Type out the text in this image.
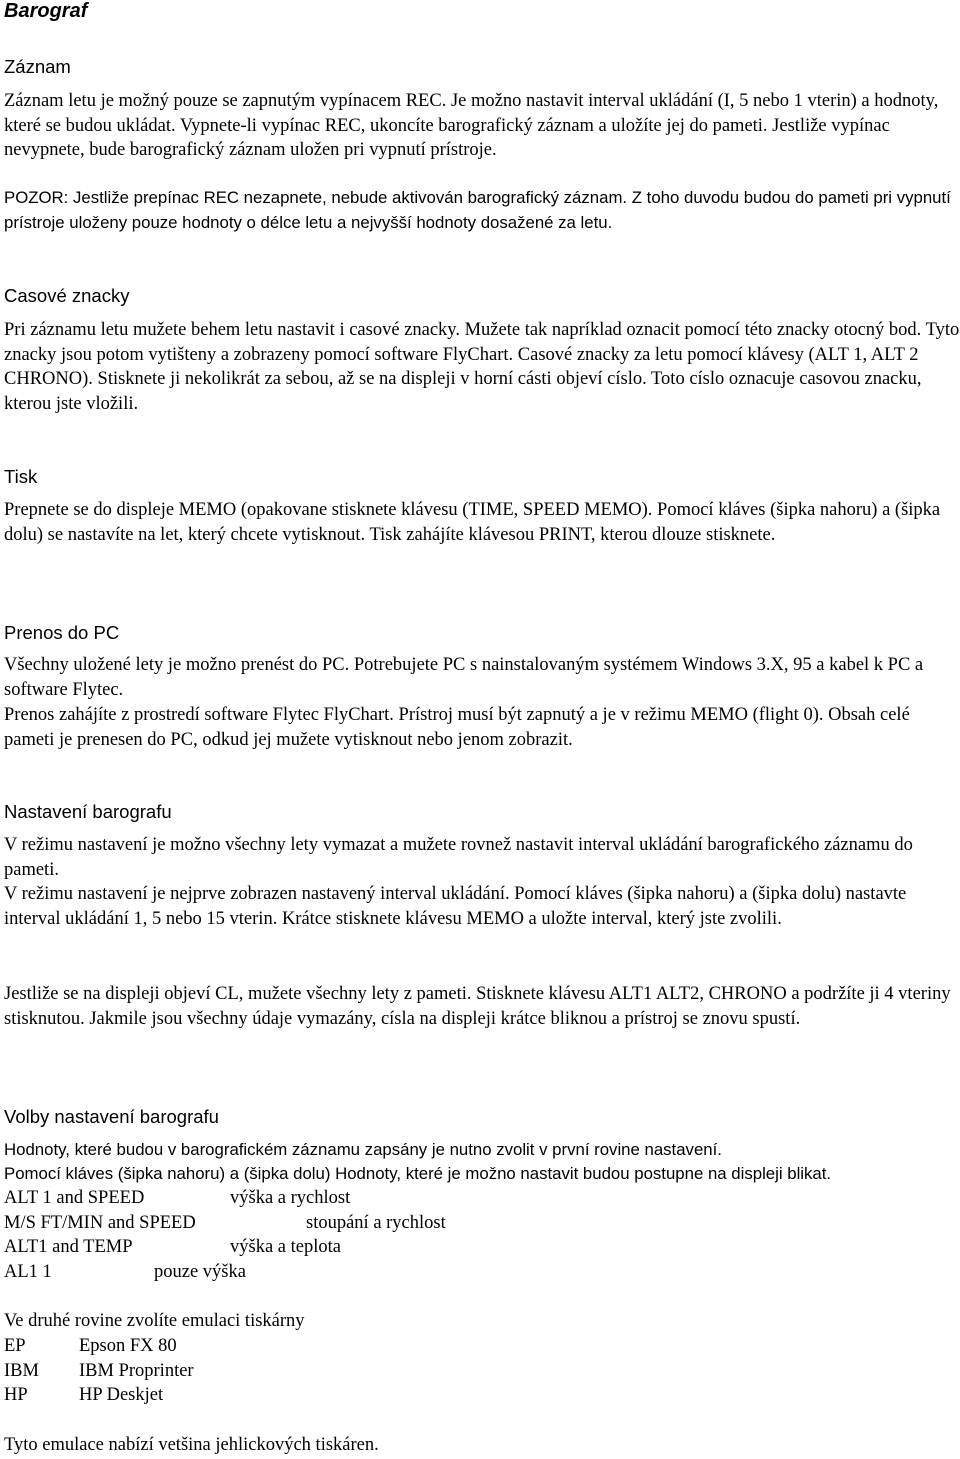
Barograf
Záznam

Záznam letu je možný pouze se zapnutým vypínacem REC. Je možno nastavit interval ukládání (I, 5 nebo 1 vterin) a hodnoty, které se budou ukládat. Vypnete-li vypínac REC, ukoncíte barografický záznam a uložíte jej do pameti. Jestliže vypínac nevypnete, bude barografický záznam uložen pri vypnutí prístroje.

POZOR: Jestliže prepínac REC nezapnete, nebude aktivován barografický záznam. Z toho duvodu budou do pameti pri vypnutí prístroje uloženy pouze hodnoty o délce letu a nejvyšší hodnoty dosažené za letu.

Casové znacky

Pri záznamu letu mužete behem letu nastavit i casové znacky. Mužete tak napríklad oznacit pomocí této znacky otocný bod. Tyto znacky jsou potom vytišteny a zobrazeny pomocí software FlyChart. Casové znacky za letu pomocí klávesy (ALT 1, ALT 2 CHRONO). Stisknete ji nekolikrát za sebou, až se na displeji v horní cásti objeví císlo. Toto císlo oznacuje casovou znacku, kterou jste vložili.

Tisk

Prepnete se do displeje MEMO (opakovane stisknete klávesu (TIME, SPEED MEMO). Pomocí kláves (šipka nahoru) a (šipka dolu) se nastavíte na let, který chcete vytisknout. Tisk zahájíte klávesou PRINT, kterou dlouze stisknete.

Prenos do PC

Všechny uložené lety je možno prenést do PC. Potrebujete PC s nainstalovaným systémem Windows 3.X, 95 a kabel k PC a software Flytec.

Prenos zahájíte z prostredí software Flytec FlyChart. Prístroj musí být zapnutý a je v režimu MEMO (flight 0). Obsah celé pameti je prenesen do PC, odkud jej mužete vytisknout nebo jenom zobrazit.

Nastavení barografu

V režimu nastavení je možno všechny lety vymazat a mužete rovnež nastavit interval ukládání barografického záznamu do pameti.

V režimu nastavení je nejprve zobrazen nastavený interval ukládání. Pomocí kláves (šipka nahoru) a (šipka dolu) nastavte interval ukládání 1, 5 nebo 15 vterin. Krátce stisknete klávesu MEMO a uložte interval, který jste zvolili.

Jestliže se na displeji objeví CL, mužete všechny lety z pameti. Stisknete klávesu ALT1 ALT2, CHRONO a podržíte ji 4 vteriny stisknutou. Jakmile jsou všechny údaje vymazány, císla na displeji krátce bliknou a prístroj se znovu spustí.

Volby nastavení barografu

Hodnoty, které budou v barografickém záznamu zapsány je nutno zvolit v první rovine nastavení.

Pomocí kláves (šipka nahoru) a (šipka dolu) Hodnoty, které je možno nastavit budou postupne na displeji blikat.

ALT 1 and SPEED	výška a rychlost
M/S FT/MIN and SPEED	stoupání a rychlost
ALT1 and TEMP	výška a teplota
AL1 1	pouze výška

Ve druhé rovine zvolíte emulaci tiskárny

EP	Epson FX 80
IBM	IBM Proprinter
HP	HP Deskjet

Tyto emulace nabízí vetšina jehlickových tiskáren.
